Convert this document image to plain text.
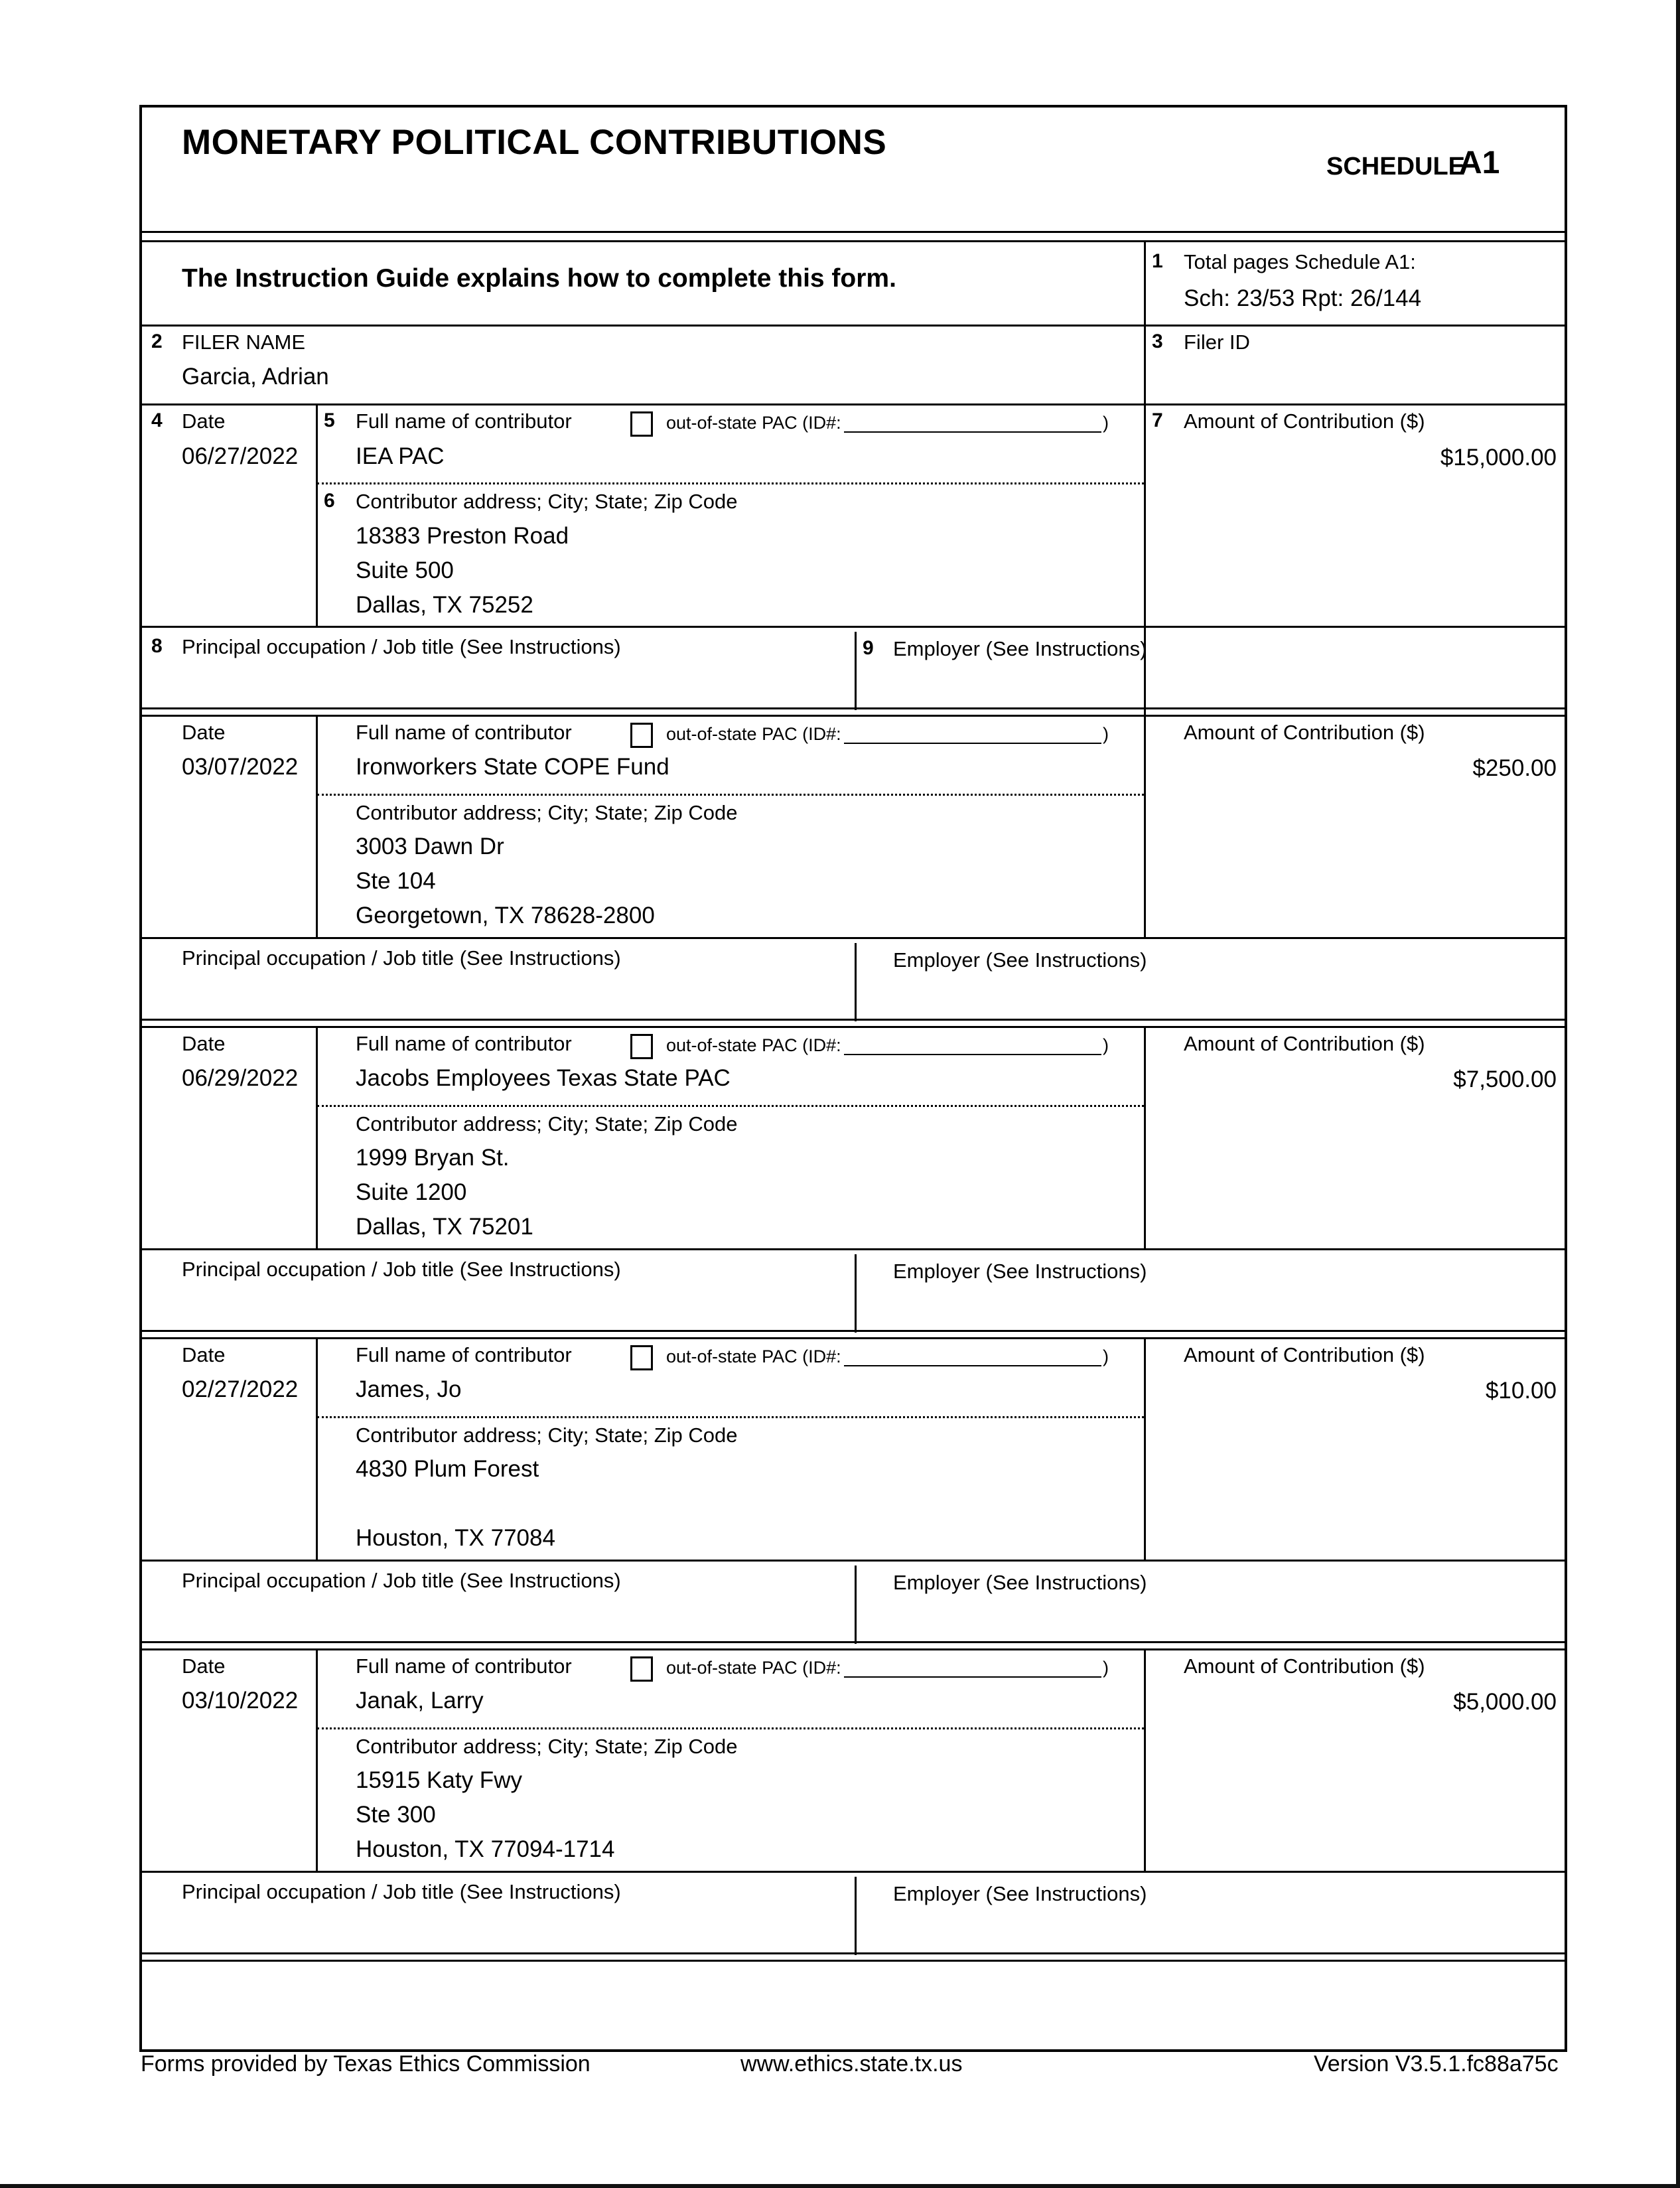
MONETARY POLITICAL CONTRIBUTIONS
SCHEDULE
A1
The Instruction Guide explains how to complete this form.
1 Total pages Schedule A1:
Sch: 23/53 Rpt: 26/144
2 FILER NAME
Garcia, Adrian
3 Filer ID
4 Date
06/27/2022
5 Full name of contributor	out-of-state PAC (ID#:	)
IEA PAC
6 Contributor address; City; State; Zip Code
18383 Preston Road
Suite 500
Dallas, TX 75252
7 Amount of Contribution ($)
$15,000.00
8 Principal occupation / Job title (See Instructions)	9 Employer (See Instructions)
Date
03/07/2022
Full name of contributor	out-of-state PAC (ID#:	)
Ironworkers State COPE Fund
Contributor address; City; State; Zip Code
3003 Dawn Dr
Ste 104
Georgetown, TX 78628-2800
Amount of Contribution ($)
$250.00
Principal occupation / Job title (See Instructions)	Employer (See Instructions)
Date
06/29/2022
Full name of contributor	out-of-state PAC (ID#:	)
Jacobs Employees Texas State PAC
Contributor address; City; State; Zip Code
1999 Bryan St.
Suite 1200
Dallas, TX 75201
Amount of Contribution ($)
$7,500.00
Principal occupation / Job title (See Instructions)	Employer (See Instructions)
Date
02/27/2022
Full name of contributor	out-of-state PAC (ID#:	)
James, Jo
Contributor address; City; State; Zip Code
4830 Plum Forest
Houston, TX 77084
Amount of Contribution ($)
$10.00
Principal occupation / Job title (See Instructions)	Employer (See Instructions)
Date
03/10/2022
Full name of contributor	out-of-state PAC (ID#:	)
Janak, Larry
Contributor address; City; State; Zip Code
15915 Katy Fwy
Ste 300
Houston, TX 77094-1714
Amount of Contribution ($)
$5,000.00
Principal occupation / Job title (See Instructions)	Employer (See Instructions)
Forms provided by Texas Ethics Commission	www.ethics.state.tx.us	Version V3.5.1.fc88a75c
